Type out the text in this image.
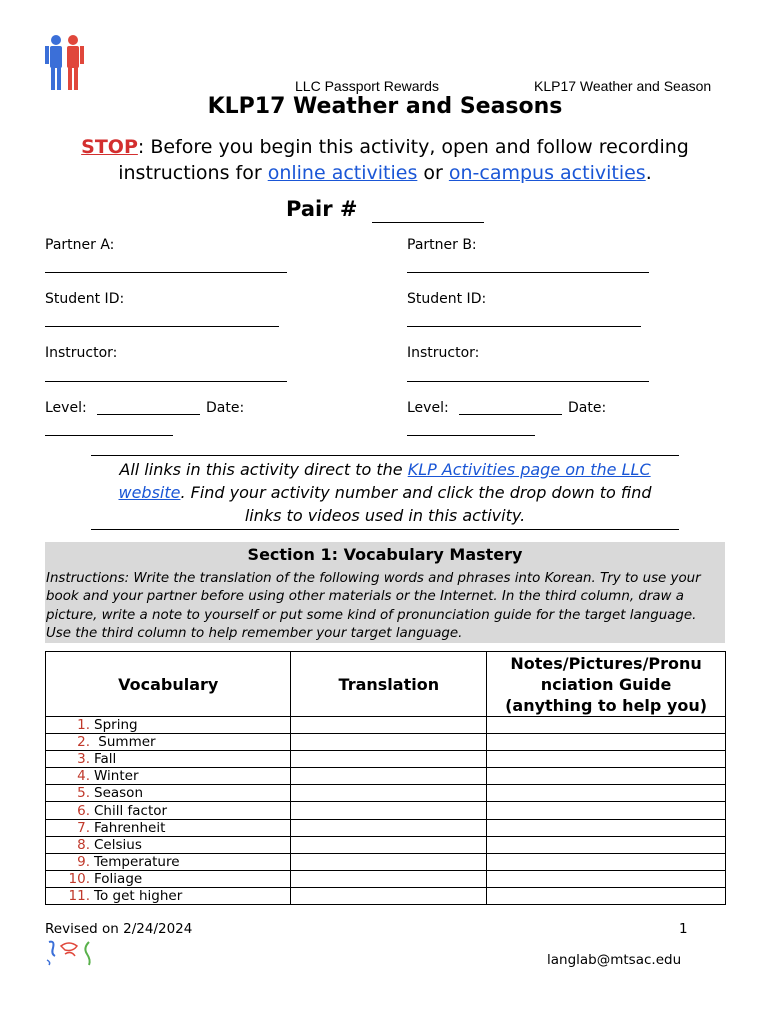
LLC Passport Rewards	KLP17 Weather and Season
KLP17 Weather and Seasons
STOP: Before you begin this activity, open and follow recording
instructions for online activities or on-campus activities.
Pair #
Partner A:	Partner B:
Student ID:	Student ID:
Instructor:	Instructor:
Level:	Date:	Level:	Date:
All links in this activity direct to the KLP Activities page on the LLC
website. Find your activity number and click the drop down to find
links to videos used in this activity.
Section 1: Vocabulary Mastery
Instructions: Write the translation of the following words and phrases into Korean. Try to use your book and your partner before using other materials or the Internet. In the third column, draw a picture, write a note to yourself or put some kind of pronunciation guide for the target language. Use the third column to help remember your target language.
Vocabulary	Translation	Notes/Pictures/Pronu
nciation Guide
(anything to help you)
1. Spring		
2. Summer		
3. Fall		
4. Winter		
5. Season		
6. Chill factor		
7. Fahrenheit		
8. Celsius		
9. Temperature		
10. Foliage		
11. To get higher		
Revised on 2/24/2024	1
langlab@mtsac.edu
